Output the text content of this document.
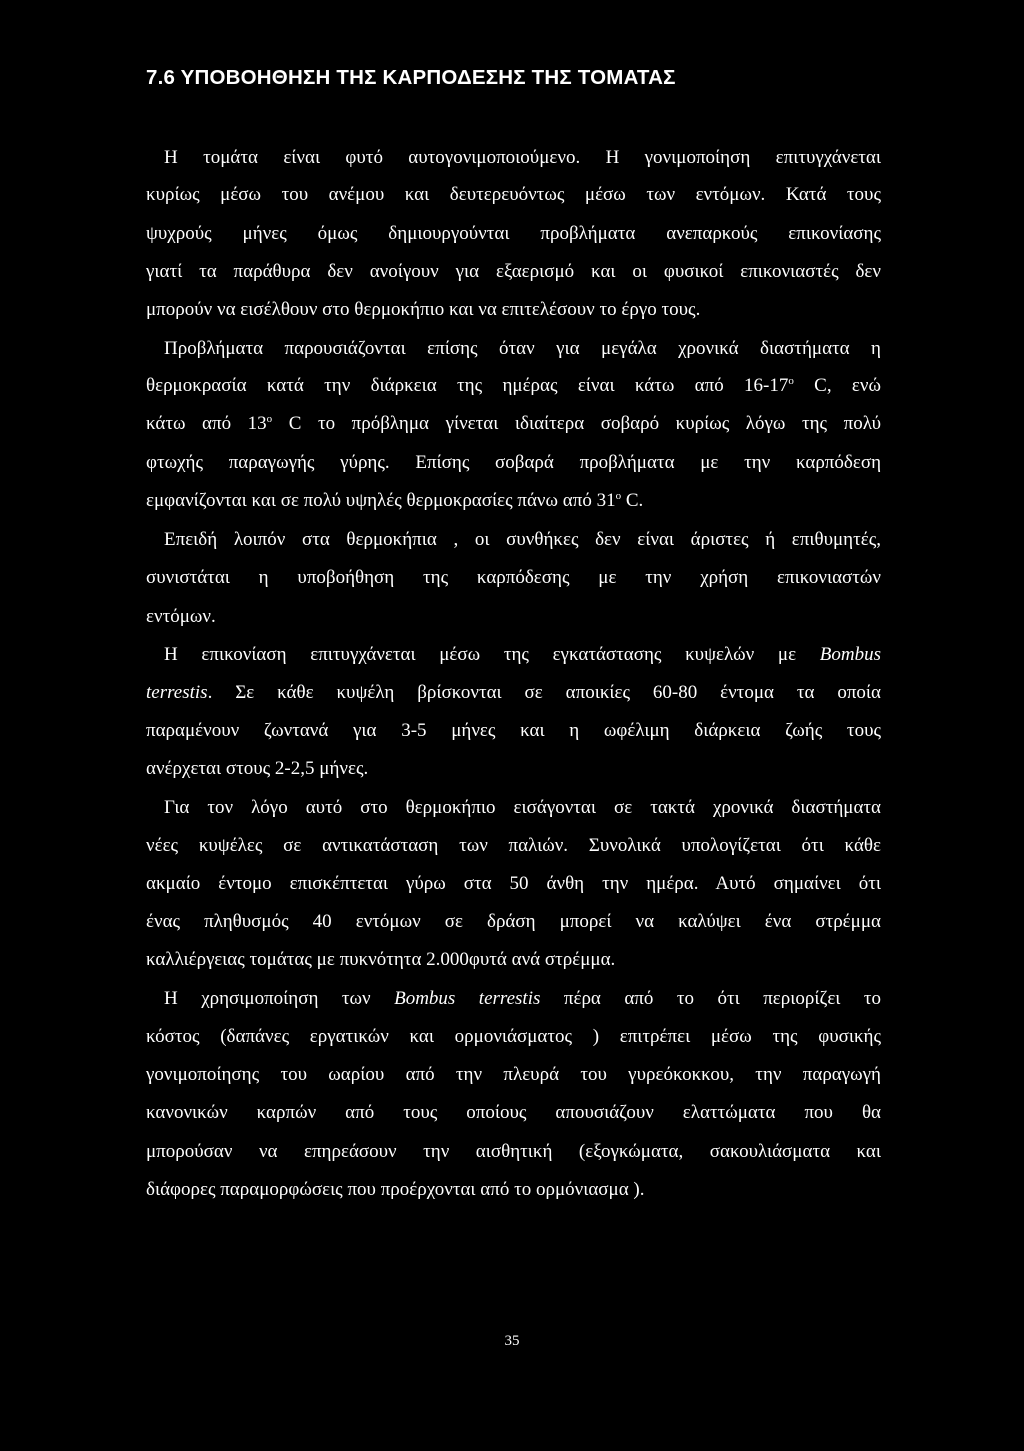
7.6 ΥΠΟΒΟΗΘΗΣΗ ΤΗΣ ΚΑΡΠΟΔΕΣΗΣ ΤΗΣ ΤΟΜΑΤΑΣ
Η τομάτα είναι φυτό αυτογονιμοποιούμενο. Η γονιμοποίηση επιτυγχάνεται
κυρίως μέσω του ανέμου και δευτερευόντως μέσω των εντόμων. Κατά τους
ψυχρούς μήνες όμως δημιουργούνται προβλήματα ανεπαρκούς επικονίασης
γιατί τα παράθυρα δεν ανοίγουν για εξαερισμό και οι φυσικοί επικονιαστές δεν
μπορούν να εισέλθουν στο θερμοκήπιο και να επιτελέσουν το έργο τους.
Προβλήματα παρουσιάζονται επίσης όταν για μεγάλα χρονικά διαστήματα η
θερμοκρασία κατά την διάρκεια της ημέρας είναι κάτω από 16-17$^o$ C, ενώ
κάτω από 13$^o$ C το πρόβλημα γίνεται ιδιαίτερα σοβαρό κυρίως λόγω της πολύ
φτωχής παραγωγής γύρης. Επίσης σοβαρά προβλήματα με την καρπόδεση
εμφανίζονται και σε πολύ υψηλές θερμοκρασίες πάνω από 31$^o$ C.
Επειδή λοιπόν στα θερμοκήπια , οι συνθήκες δεν είναι άριστες ή επιθυμητές,
συνιστάται η υποβοήθηση της καρπόδεσης με την χρήση επικονιαστών
εντόμων.
Η επικονίαση επιτυγχάνεται μέσω της εγκατάστασης κυψελών με Bombus
terrestis. Σε κάθε κυψέλη βρίσκονται σε αποικίες 60-80 έντομα τα οποία
παραμένουν ζωντανά για 3-5 μήνες και η ωφέλιμη διάρκεια ζωής τους
ανέρχεται στους 2-2,5 μήνες.
Για τον λόγο αυτό στο θερμοκήπιο εισάγονται σε τακτά χρονικά διαστήματα
νέες κυψέλες σε αντικατάσταση των παλιών. Συνολικά υπολογίζεται ότι κάθε
ακμαίο έντομο επισκέπτεται γύρω στα 50 άνθη την ημέρα. Αυτό σημαίνει ότι
ένας πληθυσμός 40 εντόμων σε δράση μπορεί να καλύψει ένα στρέμμα
καλλιέργειας τομάτας με πυκνότητα 2.000φυτά ανά στρέμμα.
Η χρησιμοποίηση των Bombus terrestis πέρα από το ότι περιορίζει το
κόστος (δαπάνες εργατικών και ορμονιάσματος ) επιτρέπει μέσω της φυσικής
γονιμοποίησης του ωαρίου από την πλευρά του γυρεόκοκκου, την παραγωγή
κανονικών καρπών από τους οποίους απουσιάζουν ελαττώματα που θα
μπορούσαν να επηρεάσουν την αισθητική (εξογκώματα, σακουλιάσματα και
διάφορες παραμορφώσεις που προέρχονται από το ορμόνιασμα ).
35
